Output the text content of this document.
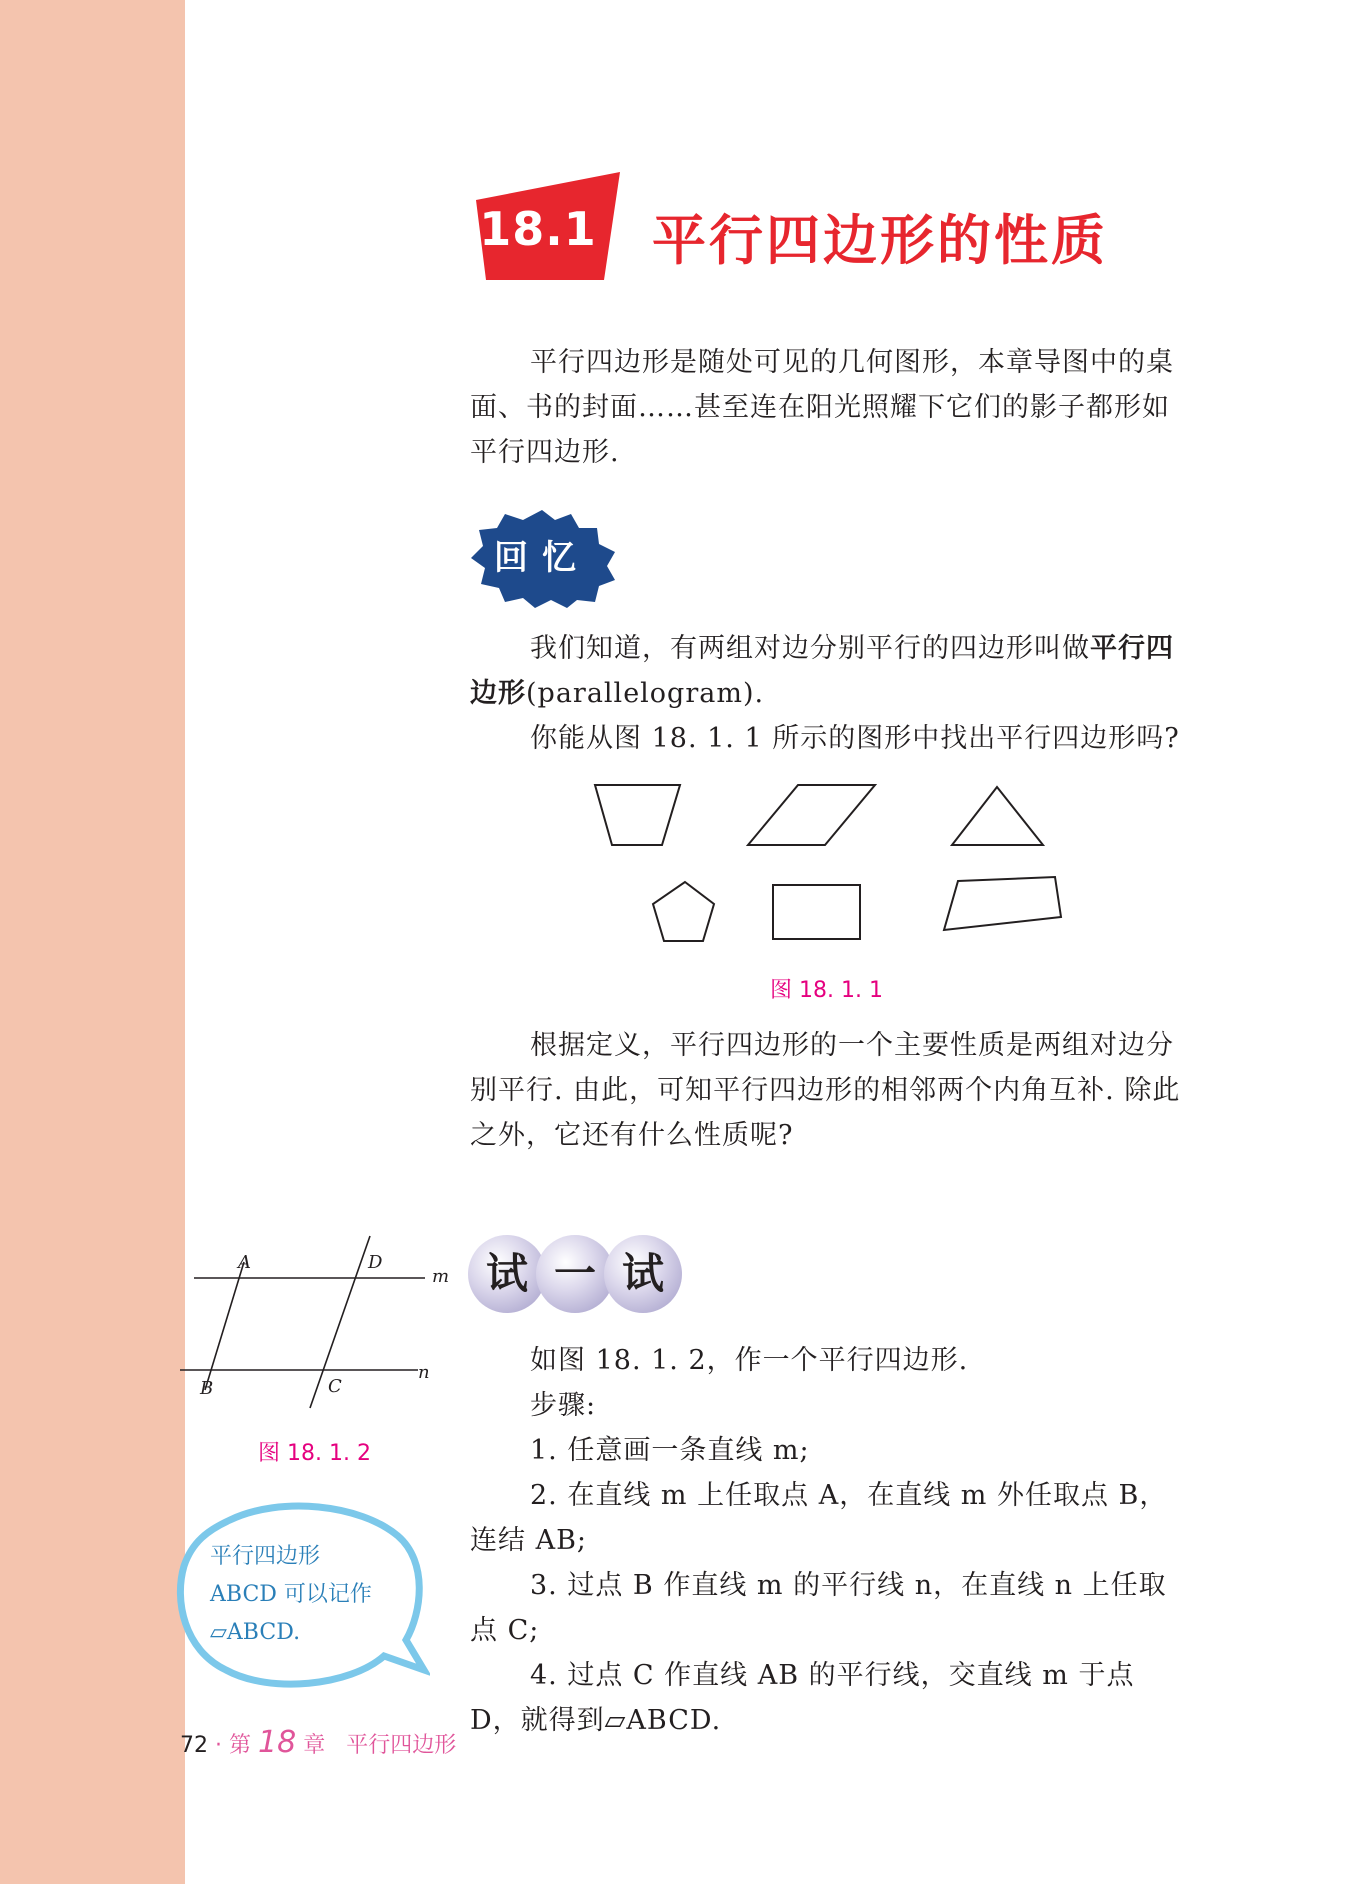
18.1 平行四边形的性质

平行四边形是随处可见的几何图形，本章导图中的桌面、书的封面……甚至连在阳光照耀下它们的影子都形如平行四边形.

回忆

我们知道，有两组对边分别平行的四边形叫做平行四边形(parallelogram).

你能从图 18. 1. 1 所示的图形中找出平行四边形吗?

图 18. 1. 1

根据定义，平行四边形的一个主要性质是两组对边分别平行. 由此，可知平行四边形的相邻两个内角互补. 除此之外，它还有什么性质呢?

A	D
m
B	C
n
图 18. 1. 2
试 一 试

如图 18. 1. 2，作一个平行四边形.

步骤:

1. 任意画一条直线 m;

2. 在直线 m 上任取点 A，在直线 m 外任取点 B，连结 AB;

3. 过点 B 作直线 m 的平行线 n，在直线 n 上任取点 C;

4. 过点 C 作直线 AB 的平行线，交直线 m 于点 D，就得到▱ABCD.

平行四边形 ABCD 可以记作▱ABCD.
72 · 第 18 章 平行四边形
